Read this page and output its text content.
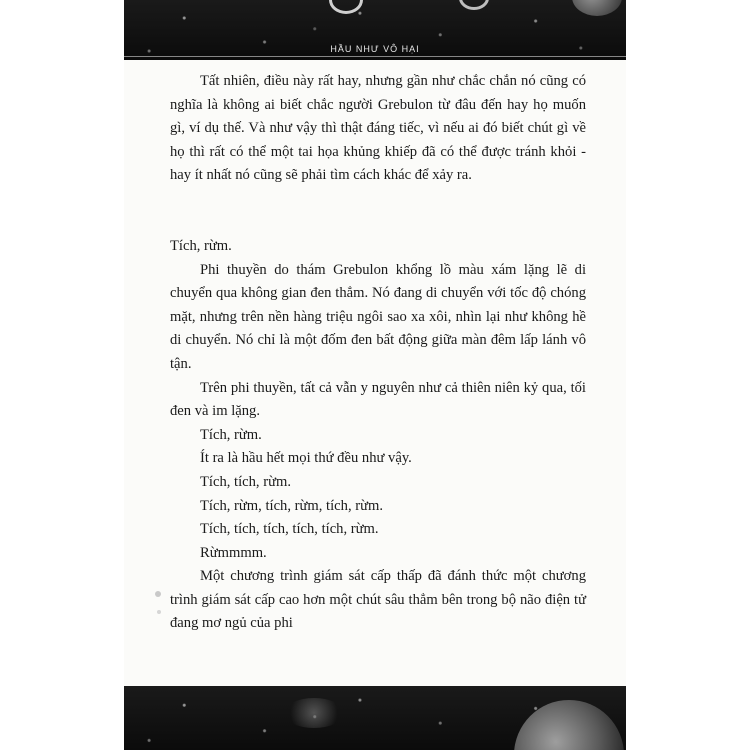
HẦU NHƯ VÔ HẠI

Tất nhiên, điều này rất hay, nhưng gần như chắc chắn nó cũng có nghĩa là không ai biết chắc người Grebulon từ đâu đến hay họ muốn gì, ví dụ thế. Và như vậy thì thật đáng tiếc, vì nếu ai đó biết chút gì về họ thì rất có thể một tai họa khủng khiếp đã có thể được tránh khỏi - hay ít nhất nó cũng sẽ phải tìm cách khác để xảy ra.

Tích, rừm.

Phi thuyền do thám Grebulon khổng lồ màu xám lặng lẽ di chuyển qua không gian đen thẳm. Nó đang di chuyển với tốc độ chóng mặt, nhưng trên nền hàng triệu ngôi sao xa xôi, nhìn lại như không hề di chuyển. Nó chỉ là một đốm đen bất động giữa màn đêm lấp lánh vô tận.

Trên phi thuyền, tất cả vẫn y nguyên như cả thiên niên kỷ qua, tối đen và im lặng.

Tích, rừm.

Ít ra là hầu hết mọi thứ đều như vậy.

Tích, tích, rừm.

Tích, rừm, tích, rừm, tích, rừm.

Tích, tích, tích, tích, tích, rừm.

Rừmmmm.

Một chương trình giám sát cấp thấp đã đánh thức một chương trình giám sát cấp cao hơn một chút sâu thẳm bên trong bộ não điện tử đang mơ ngủ của phi
